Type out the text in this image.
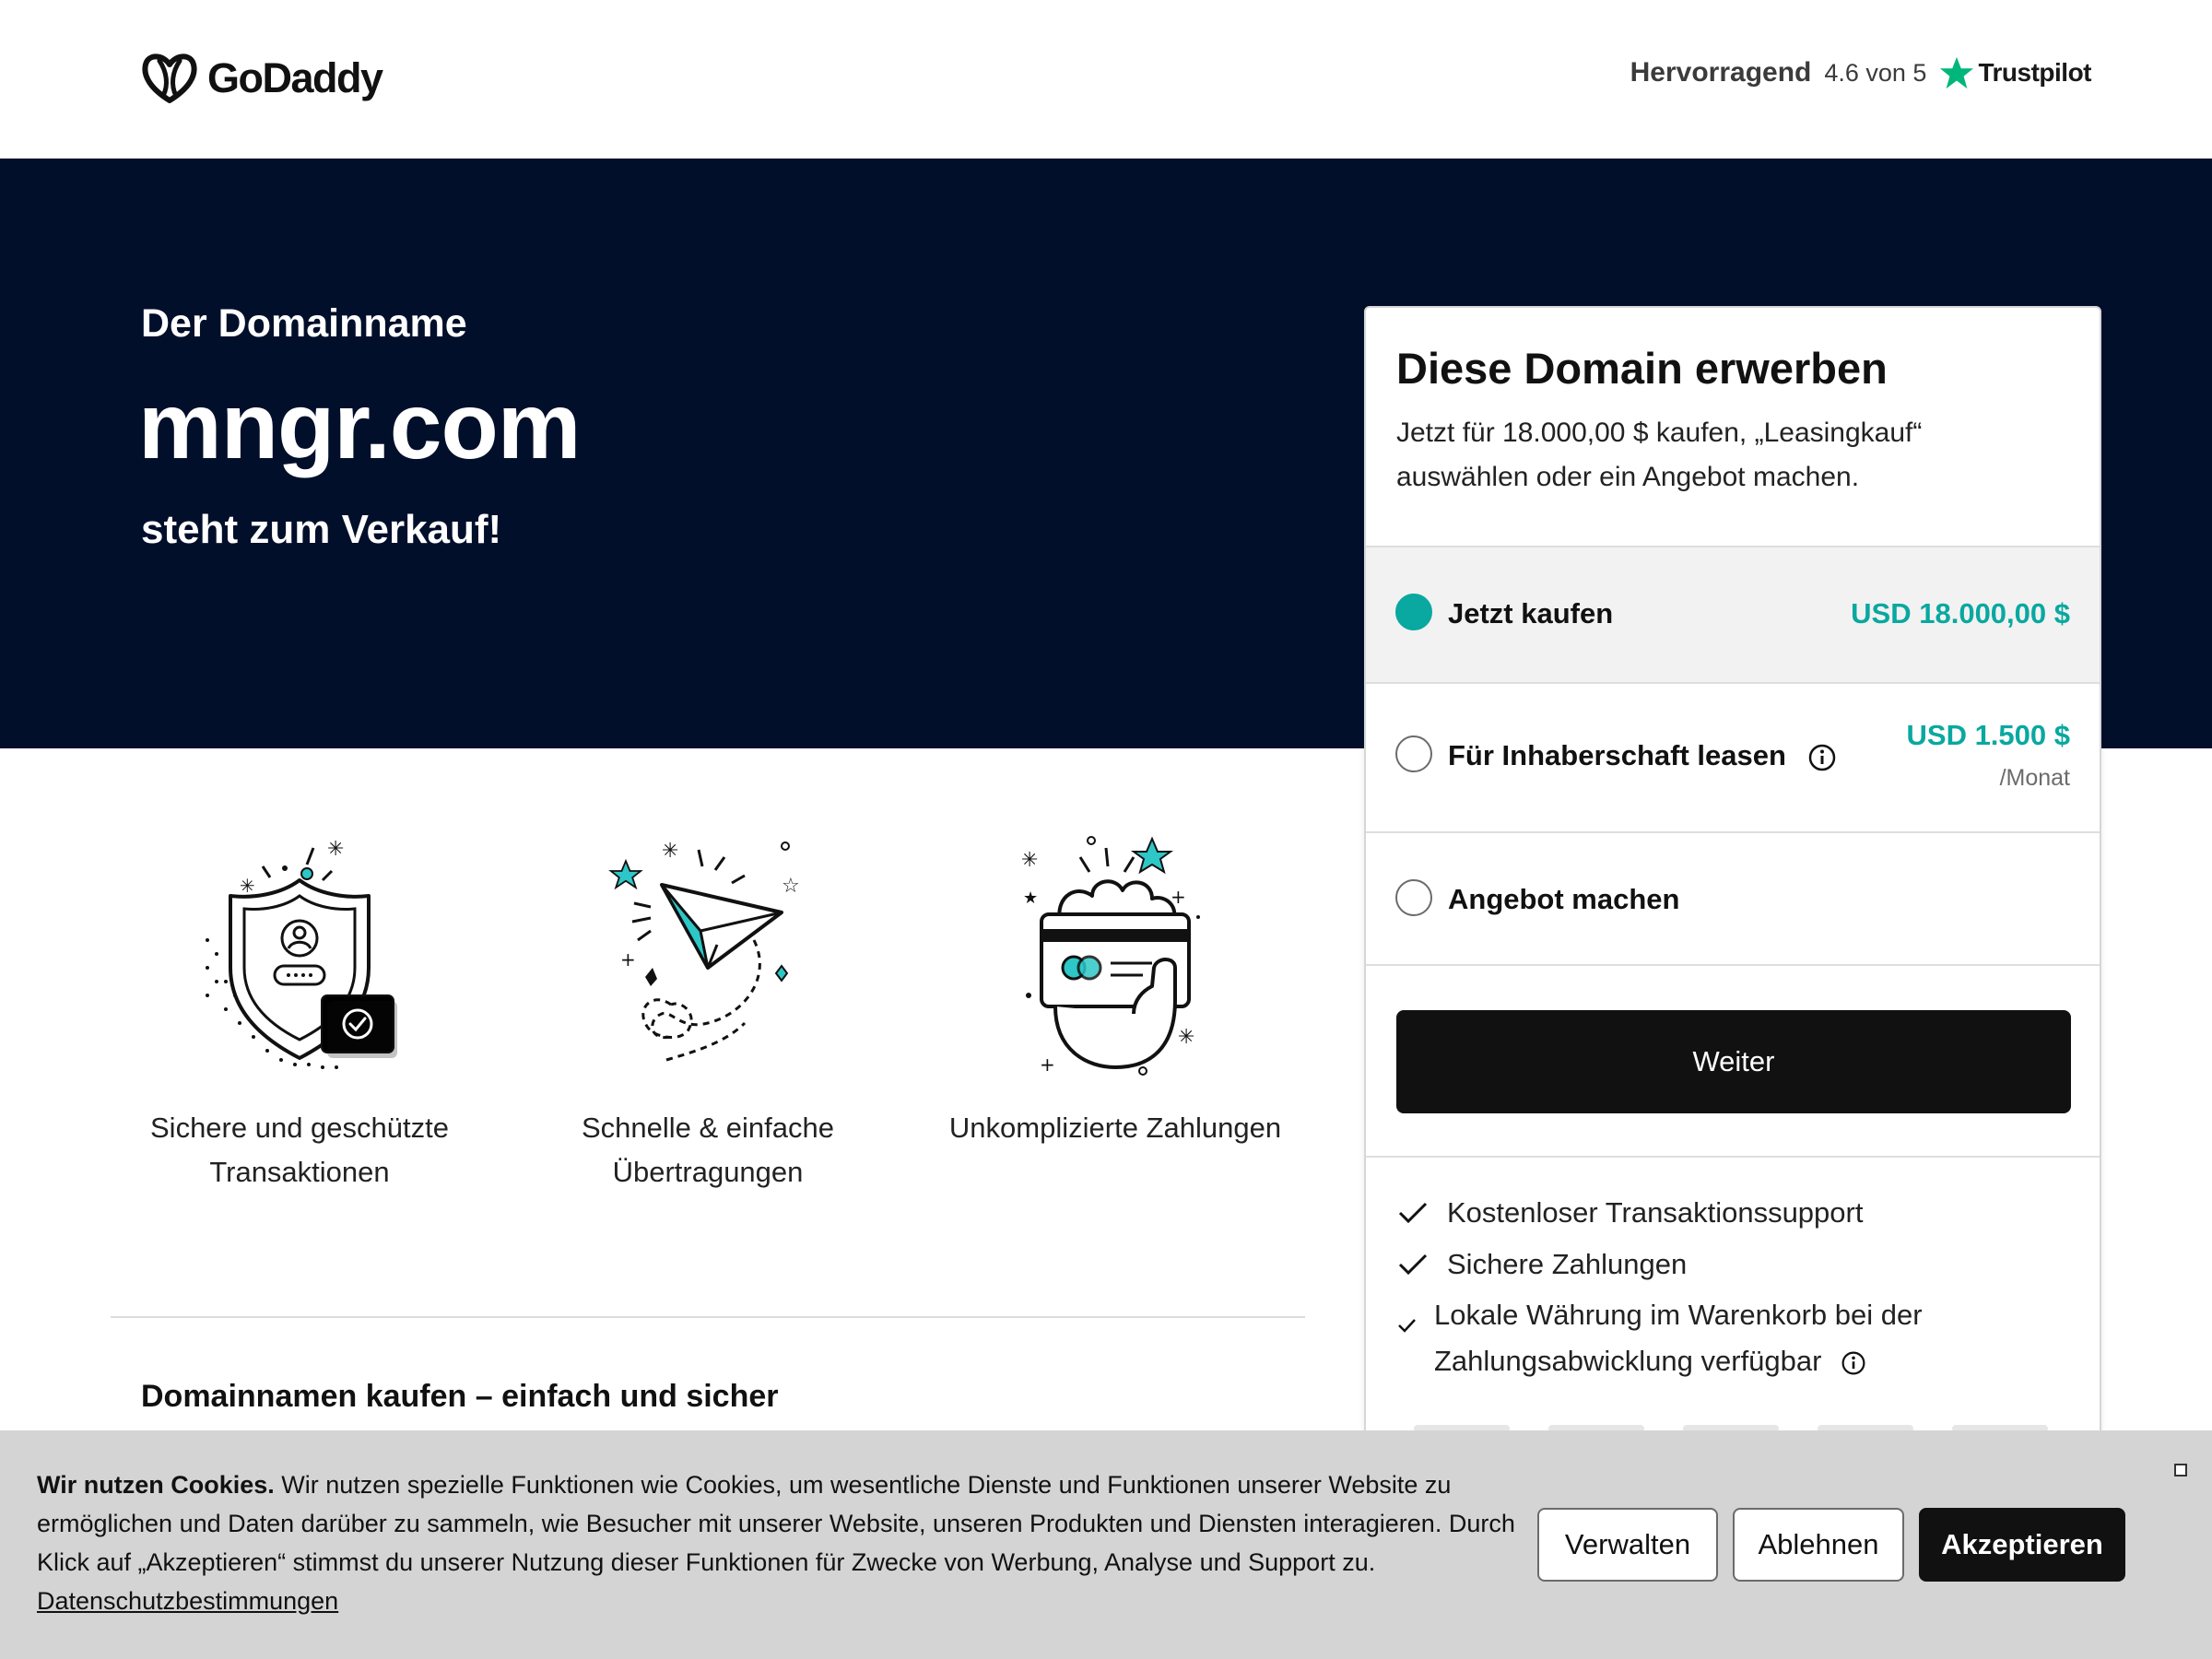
GoDaddy	Hervorragend 4.6 von 5 Trustpilot
Der Domainname
mngr.com
steht zum Verkauf!
✳
✳
Sichere und geschützte
Transaktionen
✳
☆
+
Schnelle & einfache
Übertragungen
✳
★	+
✳
+
Unkomplizierte Zahlungen
Domainnamen kaufen – einfach und sicher
Diese Domain erwerben
Jetzt für 18.000,00 $ kaufen, „Leasingkauf“ auswählen oder ein Angebot machen.
Jetzt kaufen	USD 18.000,00 $
Für Inhaberschaft leasen
USD 1.500 $
/Monat
Angebot machen
Weiter
Kostenloser Transaktionssupport
Sichere Zahlungen
Lokale Währung im Warenkorb bei der
Zahlungsabwicklung verfügbar
Wir nutzen Cookies. Wir nutzen spezielle Funktionen wie Cookies, um wesentliche Dienste und Funktionen unserer Website zu ermöglichen und Daten darüber zu sammeln, wie Besucher mit unserer Website, unseren Produkten und Diensten interagieren. Durch Klick auf „Akzeptieren“ stimmst du unserer Nutzung dieser Funktionen für Zwecke von Werbung, Analyse und Support zu.
Datenschutzbestimmungen
Verwalten	Ablehnen	Akzeptieren
